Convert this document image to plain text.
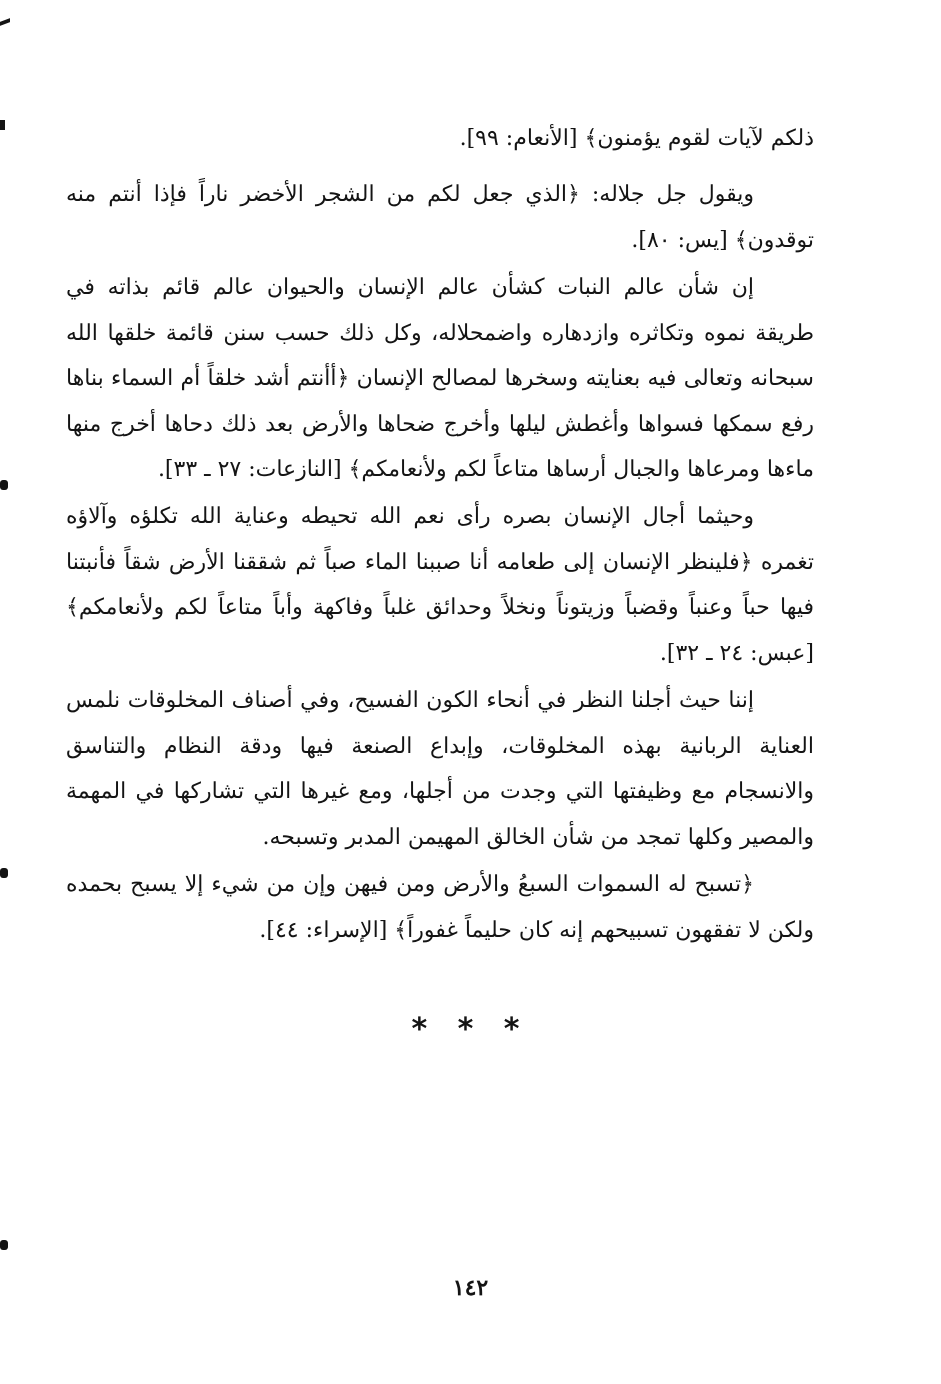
ذلكم لآيات لقوم يؤمنون﴾ [الأنعام: ٩٩].

ويقول جل جلاله: ﴿الذي جعل لكم من الشجر الأخضر ناراً فإذا أنتم منه توقدون﴾ [يس: ٨٠].

إن شأن عالم النبات كشأن عالم الإنسان والحيوان عالم قائم بذاته في طريقة نموه وتكاثره وازدهاره واضمحلاله، وكل ذلك حسب سنن قائمة خلقها الله سبحانه وتعالى فيه بعنايته وسخرها لمصالح الإنسان ﴿أأنتم أشد خلقاً أم السماء بناها رفع سمكها فسواها وأغطش ليلها وأخرج ضحاها والأرض بعد ذلك دحاها أخرج منها ماءها ومرعاها والجبال أرساها متاعاً لكم ولأنعامكم﴾ [النازعات: ٢٧ ـ ٣٣].

وحيثما أجال الإنسان بصره رأى نعم الله تحيطه وعناية الله تكلؤه وآلاؤه تغمره ﴿فلينظر الإنسان إلى طعامه أنا صببنا الماء صباً ثم شققنا الأرض شقاً فأنبتنا فيها حباً وعنباً وقضباً وزيتوناً ونخلاً وحدائق غلباً وفاكهة وأباً متاعاً لكم ولأنعامكم﴾ [عبس: ٢٤ ـ ٣٢].

إننا حيث أجلنا النظر في أنحاء الكون الفسيح، وفي أصناف المخلوقات نلمس العناية الربانية بهذه المخلوقات، وإبداع الصنعة فيها ودقة النظام والتناسق والانسجام مع وظيفتها التي وجدت من أجلها، ومع غيرها التي تشاركها في المهمة والمصير وكلها تمجد من شأن الخالق المهيمن المدبر وتسبحه.

﴿تسبح له السموات السبعُ والأرض ومن فيهن وإن من شيء إلا يسبح بحمده ولكن لا تفقهون تسبيحهم إنه كان حليماً غفوراً﴾ [الإسراء: ٤٤].

* * *
١٤٢
